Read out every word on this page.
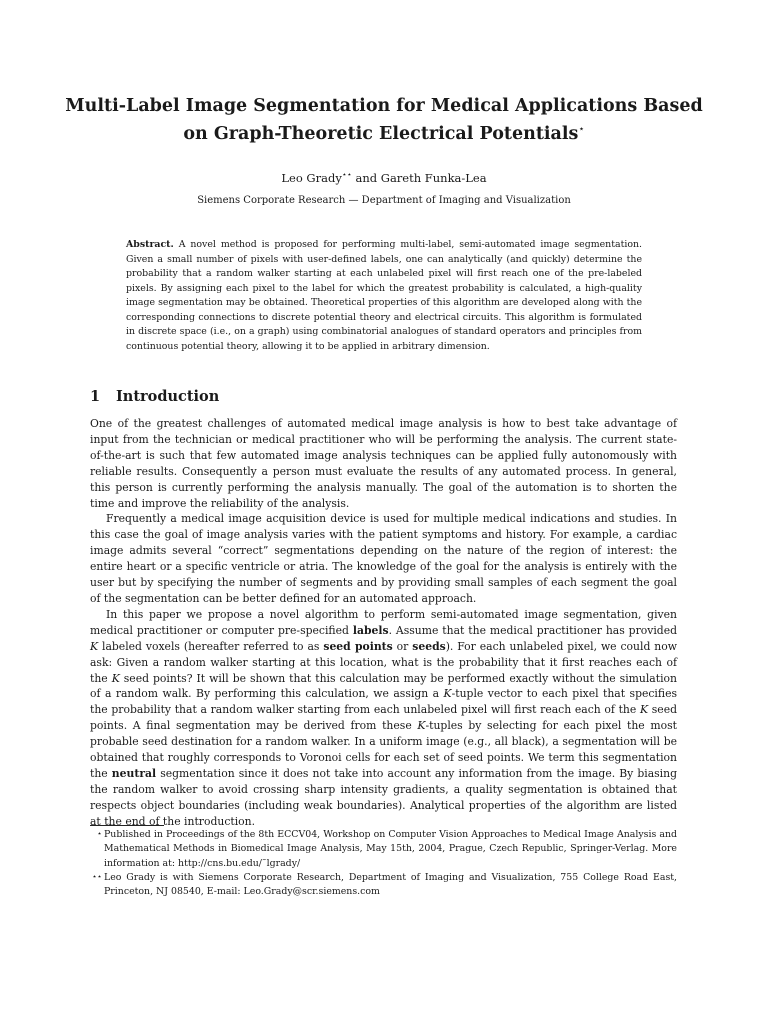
Multi-Label Image Segmentation for Medical Applications Based
on Graph-Theoretic Electrical Potentials⋆
Leo Grady⋆⋆ and Gareth Funka-Lea
Siemens Corporate Research — Department of Imaging and Visualization

Abstract. A novel method is proposed for performing multi-label, semi-automated image segmentation. Given a small number of pixels with user-defined labels, one can analytically (and quickly) determine the probability that a random walker starting at each unlabeled pixel will first reach one of the pre-labeled pixels. By assigning each pixel to the label for which the greatest probability is calculated, a high-quality image segmentation may be obtained. Theoretical properties of this algorithm are developed along with the corresponding connections to discrete potential theory and electrical circuits. This algorithm is formulated in discrete space (i.e., on a graph) using combinatorial analogues of standard operators and principles from continuous potential theory, allowing it to be applied in arbitrary dimension.

1 Introduction

One of the greatest challenges of automated medical image analysis is how to best take advantage of input from the technician or medical practitioner who will be performing the analysis. The current state-of-the-art is such that few automated image analysis techniques can be applied fully autonomously with reliable results. Consequently a person must evaluate the results of any automated process. In general, this person is currently performing the analysis manually. The goal of the automation is to shorten the time and improve the reliability of the analysis.

Frequently a medical image acquisition device is used for multiple medical indications and studies. In this case the goal of image analysis varies with the patient symptoms and history. For example, a cardiac image admits several “correct” segmentations depending on the nature of the region of interest: the entire heart or a specific ventricle or atria. The knowledge of the goal for the analysis is entirely with the user but by specifying the number of segments and by providing small samples of each segment the goal of the segmentation can be better defined for an automated approach.

In this paper we propose a novel algorithm to perform semi-automated image segmentation, given medical practitioner or computer pre-specified labels. Assume that the medical practitioner has provided K labeled voxels (hereafter referred to as seed points or seeds). For each unlabeled pixel, we could now ask: Given a random walker starting at this location, what is the probability that it first reaches each of the K seed points? It will be shown that this calculation may be performed exactly without the simulation of a random walk. By performing this calculation, we assign a K-tuple vector to each pixel that specifies the probability that a random walker starting from each unlabeled pixel will first reach each of the K seed points. A final segmentation may be derived from these K-tuples by selecting for each pixel the most probable seed destination for a random walker. In a uniform image (e.g., all black), a segmentation will be obtained that roughly corresponds to Voronoi cells for each set of seed points. We term this segmentation the neutral segmentation since it does not take into account any information from the image. By biasing the random walker to avoid crossing sharp intensity gradients, a quality segmentation is obtained that respects object boundaries (including weak boundaries). Analytical properties of the algorithm are listed at the end of the introduction.

⋆ Published in Proceedings of the 8th ECCV04, Workshop on Computer Vision Approaches to Medical Image Analysis and Mathematical Methods in Biomedical Image Analysis, May 15th, 2004, Prague, Czech Republic, Springer-Verlag. More information at: http://cns.bu.edu/˜lgrady/

⋆⋆ Leo Grady is with Siemens Corporate Research, Department of Imaging and Visualization, 755 College Road East, Princeton, NJ 08540, E-mail: Leo.Grady@scr.siemens.com
